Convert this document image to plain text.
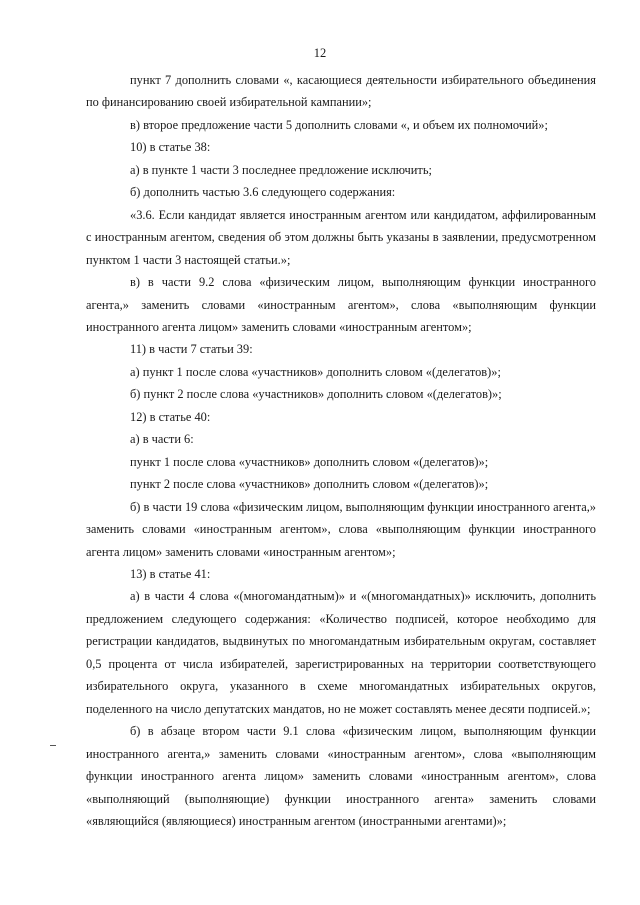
12

пункт 7 дополнить словами «, касающиеся деятельности избирательного объединения по финансированию своей избирательной кампании»;

в) второе предложение части 5 дополнить словами «, и объем их полномочий»;

10) в статье 38:

а) в пункте 1 части 3 последнее предложение исключить;

б) дополнить частью 3.6 следующего содержания:

«3.6. Если кандидат является иностранным агентом или кандидатом, аффилированным с иностранным агентом, сведения об этом должны быть указаны в заявлении, предусмотренном пунктом 1 части 3 настоящей статьи.»;

в) в части 9.2 слова «физическим лицом, выполняющим функции иностранного агента,» заменить словами «иностранным агентом», слова «выполняющим функции иностранного агента лицом» заменить словами «иностранным агентом»;

11) в части 7 статьи 39:

а) пункт 1 после слова «участников» дополнить словом «(делегатов)»;

б) пункт 2 после слова «участников» дополнить словом «(делегатов)»;

12) в статье 40:

а) в части 6:

пункт 1 после слова «участников» дополнить словом «(делегатов)»;

пункт 2 после слова «участников» дополнить словом «(делегатов)»;

б) в части 19 слова «физическим лицом, выполняющим функции иностранного агента,» заменить словами «иностранным агентом», слова «выполняющим функции иностранного агента лицом» заменить словами «иностранным агентом»;

13) в статье 41:

а) в части 4 слова «(многомандатным)» и «(многомандатных)» исключить, дополнить предложением следующего содержания: «Количество подписей, которое необходимо для регистрации кандидатов, выдвинутых по многомандатным избирательным округам, составляет 0,5 процента от числа избирателей, зарегистрированных на территории соответствующего избирательного округа, указанного в схеме многомандатных избирательных округов, поделенного на число депутатских мандатов, но не может составлять менее десяти подписей.»;

б) в абзаце втором части 9.1 слова «физическим лицом, выполняющим функции иностранного агента,» заменить словами «иностранным агентом», слова «выполняющим функции иностранного агента лицом» заменить словами «иностранным агентом», слова «выполняющий (выполняющие) функции иностранного агента» заменить словами «являющийся (являющиеся) иностранным агентом (иностранными агентами)»;
